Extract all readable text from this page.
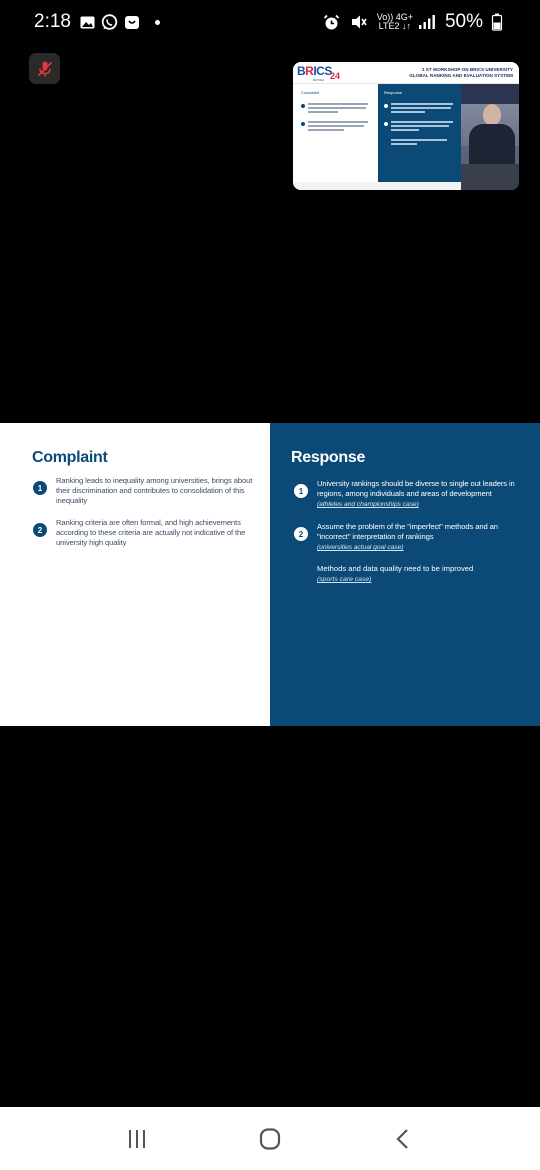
2:18	Vo)) 4G+
LTE2 ↓↑ 50%
BRICS
24
RUSSIA
1 ST WORKSHOP ON BRICS UNIVERSITY
GLOBAL RANKING AND EVALUATION SYSTEM
Complaint	Response
Complaint
1
Ranking leads to inequality among universities, brings about their discrimination and contributes to consolidation of this inequality
2
Ranking criteria are often formal, and high achievements according to these criteria are actually not indicative of the university high quality
Response
1
University rankings should be diverse to single out leaders in regions, among individuals and areas of development
(athletes and championships case)
2
Assume the problem of the "imperfect" methods and an "incorrect" interpretation of rankings
(universities actual goal case)
Methods and data quality need to be improved
(sports care case)
